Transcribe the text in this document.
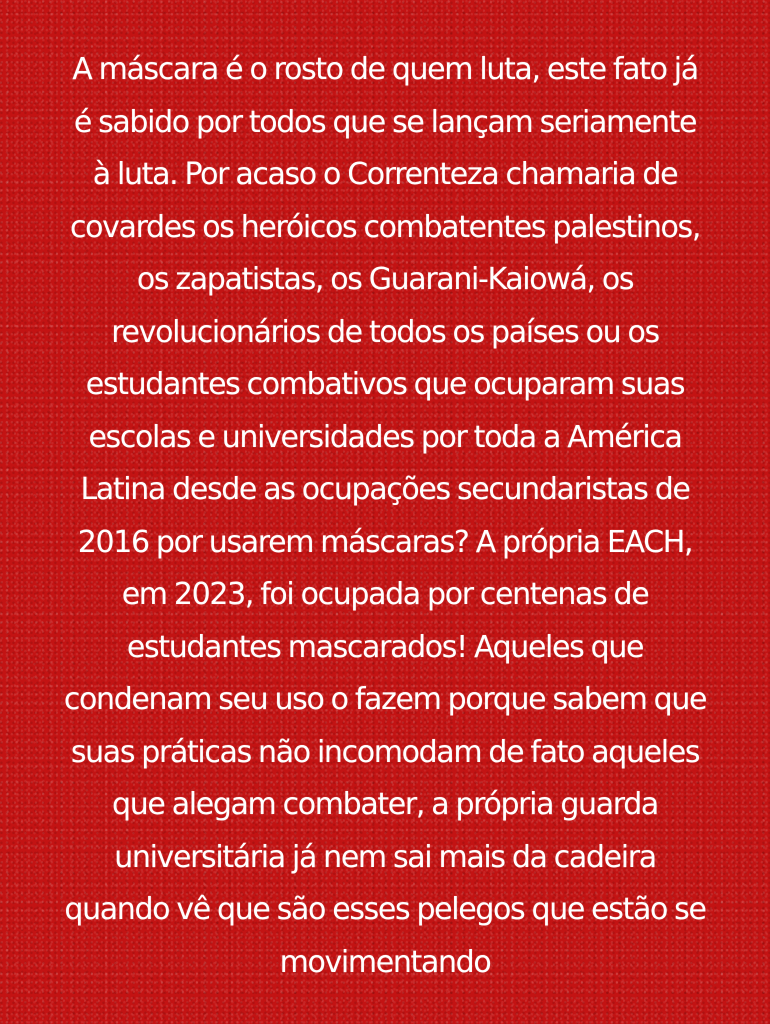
A máscara é o rosto de quem luta, este fato já
é sabido por todos que se lançam seriamente
à luta. Por acaso o Correnteza chamaria de
covardes os heróicos combatentes palestinos,
os zapatistas, os Guarani-Kaiowá, os
revolucionários de todos os países ou os
estudantes combativos que ocuparam suas
escolas e universidades por toda a América
Latina desde as ocupações secundaristas de
2016 por usarem máscaras? A própria EACH,
em 2023, foi ocupada por centenas de
estudantes mascarados! Aqueles que
condenam seu uso o fazem porque sabem que
suas práticas não incomodam de fato aqueles
que alegam combater, a própria guarda
universitária já nem sai mais da cadeira
quando vê que são esses pelegos que estão se
movimentando
